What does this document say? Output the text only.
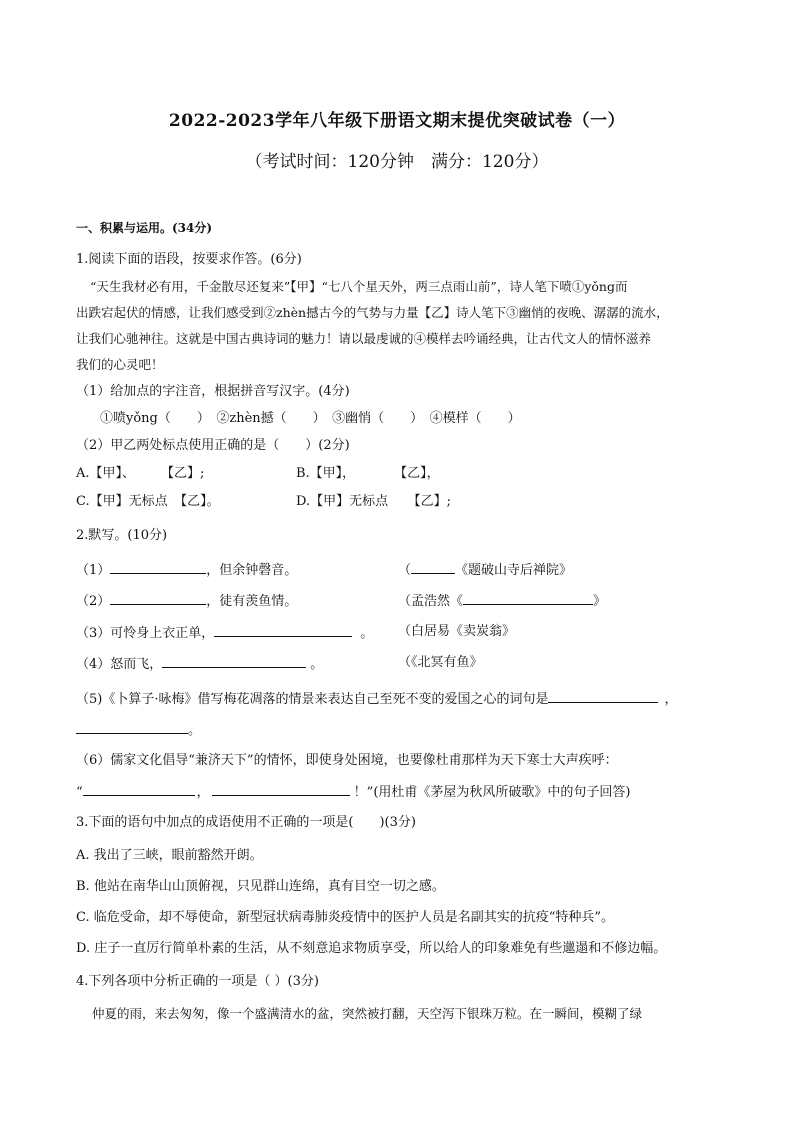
2022-2023学年八年级下册语文期末提优突破试卷（一）
（考试时间：120分钟　满分：120分）
一、积累与运用。(34分)
1.阅读下面的语段，按要求作答。(6分)
“天生我材必有用，千金散尽还复来”【甲】“七八个星天外，两三点雨山前”，诗人笔下喷①yǒng而
出跌宕起伏的情感，让我们感受到②zhèn撼古今的气势与力量【乙】诗人笔下③幽悄的夜晚、潺潺的流水，
让我们心驰神往。这就是中国古典诗词的魅力！请以最虔诚的④模样去吟诵经典，让古代文人的情怀滋养
我们的心灵吧！
（1）给加点的字注音，根据拼音写汉字。(4分)
①喷yǒng（　　）　②zhèn撼（　　）　③幽悄（　　）　④模样（　　）
（2）甲乙两处标点使用正确的是（　　）(2分)
A.【甲】、　　　【乙】;	B.【甲】，　　　　【乙】，
C.【甲】无标点　【乙】。	D.【甲】无标点　　【乙】;
2.默写。(10分)
（1）	，但余钟磬音。	（	《题破山寺后禅院》
（2）	，徒有羡鱼情。	（孟浩然《	》
（3）可怜身上衣正单，	。 （白居易《卖炭翁》
（4）怒而飞，	。	（《北冥有鱼》
（5)《卜算子·咏梅》借写梅花凋落的情景来表达自己至死不变的爱国之心的词句是	，
。
（6）儒家文化倡导“兼济天下”的情怀，即使身处困境，也要像杜甫那样为天下寒士大声疾呼：
“	，	！”(用杜甫《茅屋为秋风所破歌》中的句子回答)
3.下面的语句中加点的成语使用不正确的一项是(　　)(3分)
A. 我出了三峡，眼前豁然开朗。
B. 他站在南华山山顶俯视，只见群山连绵，真有目空一切之感。
C. 临危受命，却不辱使命，新型冠状病毒肺炎疫情中的医护人员是名副其实的抗疫“特种兵”。
D. 庄子一直厉行简单朴素的生活，从不刻意追求物质享受，所以给人的印象难免有些邋遢和不修边幅。
4.下列各项中分析正确的一项是（ ）(3分)
仲夏的雨，来去匆匆，像一个盛满清水的盆，突然被打翻，天空泻下银珠万粒。在一瞬间，模糊了绿
